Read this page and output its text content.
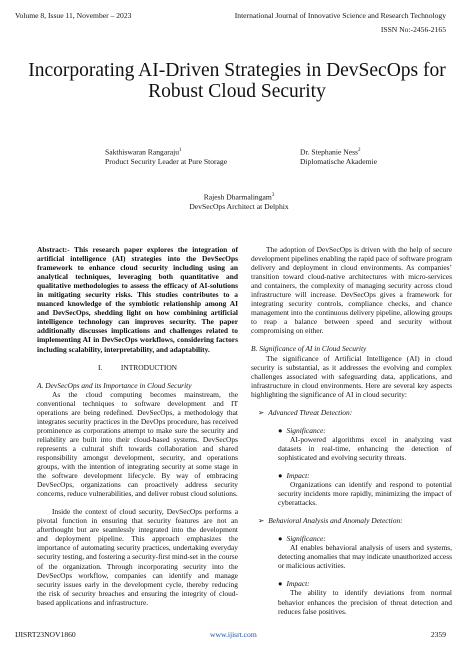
Volume 8, Issue 11, November – 2023	International Journal of Innovative Science and Research Technology
ISSN No:-2456-2165
Incorporating AI-Driven Strategies in DevSecOps for Robust Cloud Security
Sakthiswaran Rangaraju$^1$
Product Security Leader at Pure Storage
Dr. Stephanie Ness$^2$
Diplomatische Akademie
Rajesh Dharmalingam$^3$
DevSecOps Architect at Delphix

Abstract:- This research paper explores the integration of artificial intelligence (AI) strategies into the DevSecOps framework to enhance cloud security including using an analytical techniques, leveraging both quantitative and qualitative methodologies to assess the efficacy of AI-solutions in mitigating security risks. This studies contributes to a nuanced knowledge of the symbiotic relationship among AI and DevSecOps, shedding light on how combining artificial intelligence technology can improves security. The paper additionally discusses implications and challenges related to implementing AI in DevSecOps workflows, considering factors including scalability, interpretability, and adaptability.

I.          INTRODUCTION

A. DevSecOps and its Importance in Cloud Security

As the cloud computing becomes mainstream, the conventional techniques to software development and IT operations are being redefined. DevSecOps, a methodology that integrates security practices in the DevOps procedure, has received prominence as corporations attempt to make sure the security and reliability are built into their cloud-based systems. DevSecOps represents a cultural shift towards collaboration and shared responsibility amongst development, security, and operations groups, with the intention of integrating security at some stage in the software development lifecycle. By way of embracing DevSecOps, organizations can proactively address security concerns, reduce vulnerabilities, and deliver robust cloud solutions.

Inside the context of cloud security, DevSecOps performs a pivotal function in ensuring that security features are not an afterthought but are seamlessly integrated into the development and deployment pipeline. This approach emphasizes the importance of automating security practices, undertaking everyday security testing, and fostering a security-first mind-set in the course of the organization. Through incorporating security into the DevSecOps workflow, companies can identify and manage security issues early in the development cycle, thereby reducing the risk of security breaches and ensuring the integrity of cloud-based applications and infrastructure.

The adoption of DevSecOps is driven with the help of secure development pipelines enabling the rapid pace of software program delivery and deployment in cloud environments. As companies’ transition toward cloud-native architectures with micro-services and containers, the complexity of managing security across cloud infrastructure will increase. DevSecOps gives a framework for integrating security controls, compliance checks, and chance management into the continuous delivery pipeline, allowing groups to reap a balance between speed and security without compromising on either.

B. Significance of AI in Cloud Security

The significance of Artificial Intelligence (AI) in cloud security is substantial, as it addresses the evolving and complex challenges associated with safeguarding data, applications, and infrastructure in cloud environments. Here are several key aspects highlighting the significance of AI in cloud security:

➢ Advanced Threat Detection:

● Significance:

AI-powered algorithms excel in analyzing vast datasets in real-time, enhancing the detection of sophisticated and evolving security threats.

● Impact:

Organizations can identify and respond to potential security incidents more rapidly, minimizing the impact of cyberattacks.

➢ Behavioral Analysis and Anomaly Detection:

● Significance:

AI enables behavioral analysis of users and systems, detecting anomalies that may indicate unauthorized access or malicious activities.

● Impact:

The ability to identify deviations from normal behavior enhances the precision of threat detection and reduces false positives.

IJISRT23NOV1860	www.ijisrt.com	2359
